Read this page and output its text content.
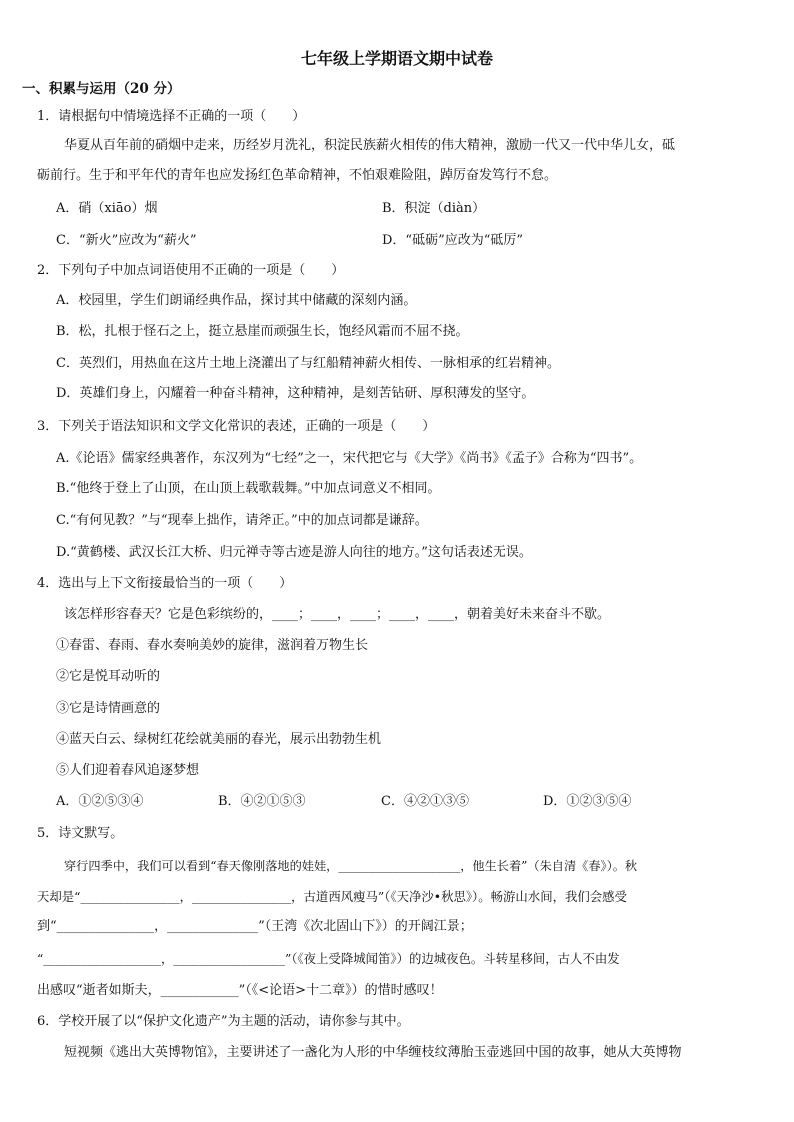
七年级上学期语文期中试卷
一、积累与运用（20 分）
1．请根据句中情境选择不正确的一项（　　）
华夏从百年前的硝烟中走来，历经岁月洗礼，积淀民族薪火相传的伟大精神，激励一代又一代中华儿女，砥
砺前行。生于和平年代的青年也应发扬红色革命精神，不怕艰难险阻，踔厉奋发笃行不怠。
A．硝（xiāo）烟	B．积淀（diàn）
C．“新火”应改为“薪火”	D．“砥砺”应改为“砥厉”
2．下列句子中加点词语使用不正确的一项是（　　）
A．校园里，学生们朗诵经典作品，探讨其中储藏的深刻内涵。
B．松，扎根于怪石之上，挺立悬崖而顽强生长，饱经风霜而不屈不挠。
C．英烈们，用热血在这片土地上浇灌出了与红船精神薪火相传、一脉相承的红岩精神。
D．英雄们身上，闪耀着一种奋斗精神，这种精神，是刻苦钻研、厚积薄发的坚守。
3．下列关于语法知识和文学文化常识的表述，正确的一项是（　　）
A.《论语》儒家经典著作，东汉列为“七经”之一，宋代把它与《大学》《尚书》《孟子》合称为“四书”。
B.“他终于登上了山顶，在山顶上载歌载舞。”中加点词意义不相同。
C.“有何见教？”与“现奉上拙作，请斧正。”中的加点词都是谦辞。
D.“黄鹤楼、武汉长江大桥、归元禅寺等古迹是游人向往的地方。”这句话表述无误。
4．选出与上下文衔接最恰当的一项（　　）
该怎样形容春天？它是色彩缤纷的，____；____，____；____，____，朝着美好未来奋斗不歇。
①春雷、春雨、春水奏响美妙的旋律，滋润着万物生长
②它是悦耳动听的
③它是诗情画意的
④蓝天白云、绿树红花绘就美丽的春光，展示出勃勃生机
⑤人们迎着春风追逐梦想
A．①②⑤③④	B．④②①⑤③	C．④②①③⑤	D．①②③⑤④
5．诗文默写。
穿行四季中，我们可以看到“春天像刚落地的娃娃，____________________，他生长着”（朱自清《春》）。秋
天却是“________________，________________，古道西风瘦马”（《天净沙•秋思》）。畅游山水间，我们会感受
到“_______________，______________”（王湾《次北固山下》）的开阔江景；
“___________________，__________________”（《夜上受降城闻笛》）的边城夜色。斗转星移间，古人不由发
出感叹“逝者如斯夫，____________”（《<论语>十二章》）的惜时感叹！
6．学校开展了以“保护文化遗产”为主题的活动，请你参与其中。
短视频《逃出大英博物馆》，主要讲述了一盏化为人形的中华缠枝纹薄胎玉壶逃回中国的故事，她从大英博物
